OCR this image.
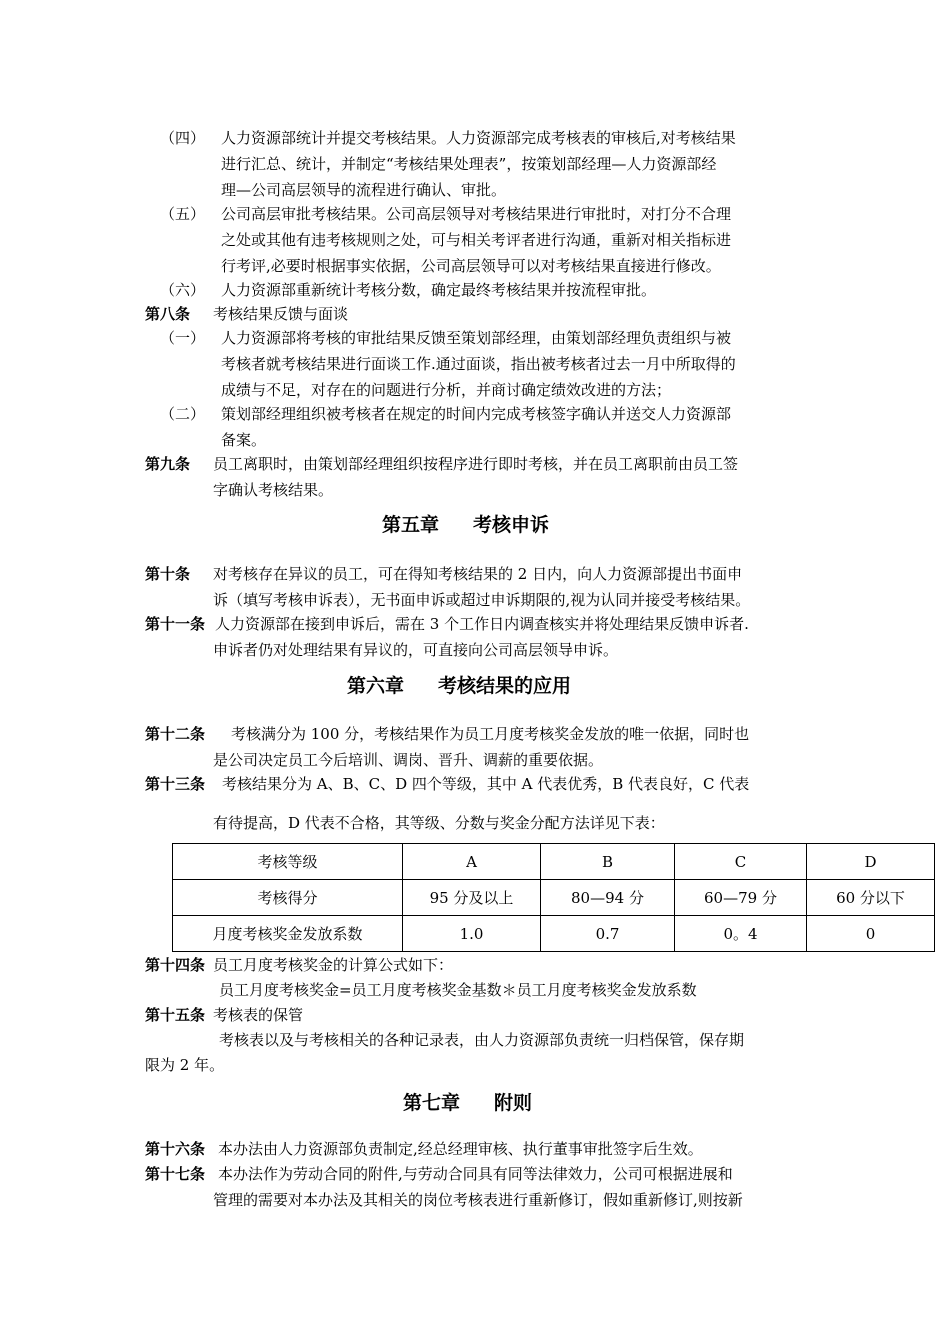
（四） 人力资源部统计并提交考核结果。人力资源部完成考核表的审核后,对考核结果
进行汇总、统计，并制定“考核结果处理表”，按策划部经理—人力资源部经
理—公司高层领导的流程进行确认、审批。
（五） 公司高层审批考核结果。公司高层领导对考核结果进行审批时，对打分不合理
之处或其他有违考核规则之处，可与相关考评者进行沟通，重新对相关指标进
行考评,必要时根据事实依据，公司高层领导可以对考核结果直接进行修改。
（六） 人力资源部重新统计考核分数，确定最终考核结果并按流程审批。
第八条 考核结果反馈与面谈
（一） 人力资源部将考核的审批结果反馈至策划部经理，由策划部经理负责组织与被
考核者就考核结果进行面谈工作.通过面谈，指出被考核者过去一月中所取得的
成绩与不足，对存在的问题进行分析，并商讨确定绩效改进的方法；
（二） 策划部经理组织被考核者在规定的时间内完成考核签字确认并送交人力资源部
备案。
第九条 员工离职时，由策划部经理组织按程序进行即时考核，并在员工离职前由员工签
字确认考核结果。
第五章 考核申诉
第十条 对考核存在异议的员工，可在得知考核结果的 2 日内，向人力资源部提出书面申
诉（填写考核申诉表），无书面申诉或超过申诉期限的,视为认同并接受考核结果。
第十一条 人力资源部在接到申诉后，需在 3 个工作日内调查核实并将处理结果反馈申诉者.
申诉者仍对处理结果有异议的，可直接向公司高层领导申诉。
第六章 考核结果的应用
第十二条 考核满分为 100 分，考核结果作为员工月度考核奖金发放的唯一依据，同时也
是公司决定员工今后培训、调岗、晋升、调薪的重要依据。
第十三条 考核结果分为 A、B、C、D 四个等级，其中 A 代表优秀，B 代表良好，C 代表
有待提高，D 代表不合格，其等级、分数与奖金分配方法详见下表：
考核等级	A	B	C	D
考核得分	95 分及以上	80—94 分	60—79 分	60 分以下
月度考核奖金发放系数	1.0	0.7	0。4	0
第十四条 员工月度考核奖金的计算公式如下：
员工月度考核奖金=员工月度考核奖金基数＊员工月度考核奖金发放系数
第十五条 考核表的保管
考核表以及与考核相关的各种记录表，由人力资源部负责统一归档保管，保存期
限为 2 年。
第七章 附则
第十六条 本办法由人力资源部负责制定,经总经理审核、执行董事审批签字后生效。
第十七条 本办法作为劳动合同的附件,与劳动合同具有同等法律效力，公司可根据进展和
管理的需要对本办法及其相关的岗位考核表进行重新修订，假如重新修订,则按新
